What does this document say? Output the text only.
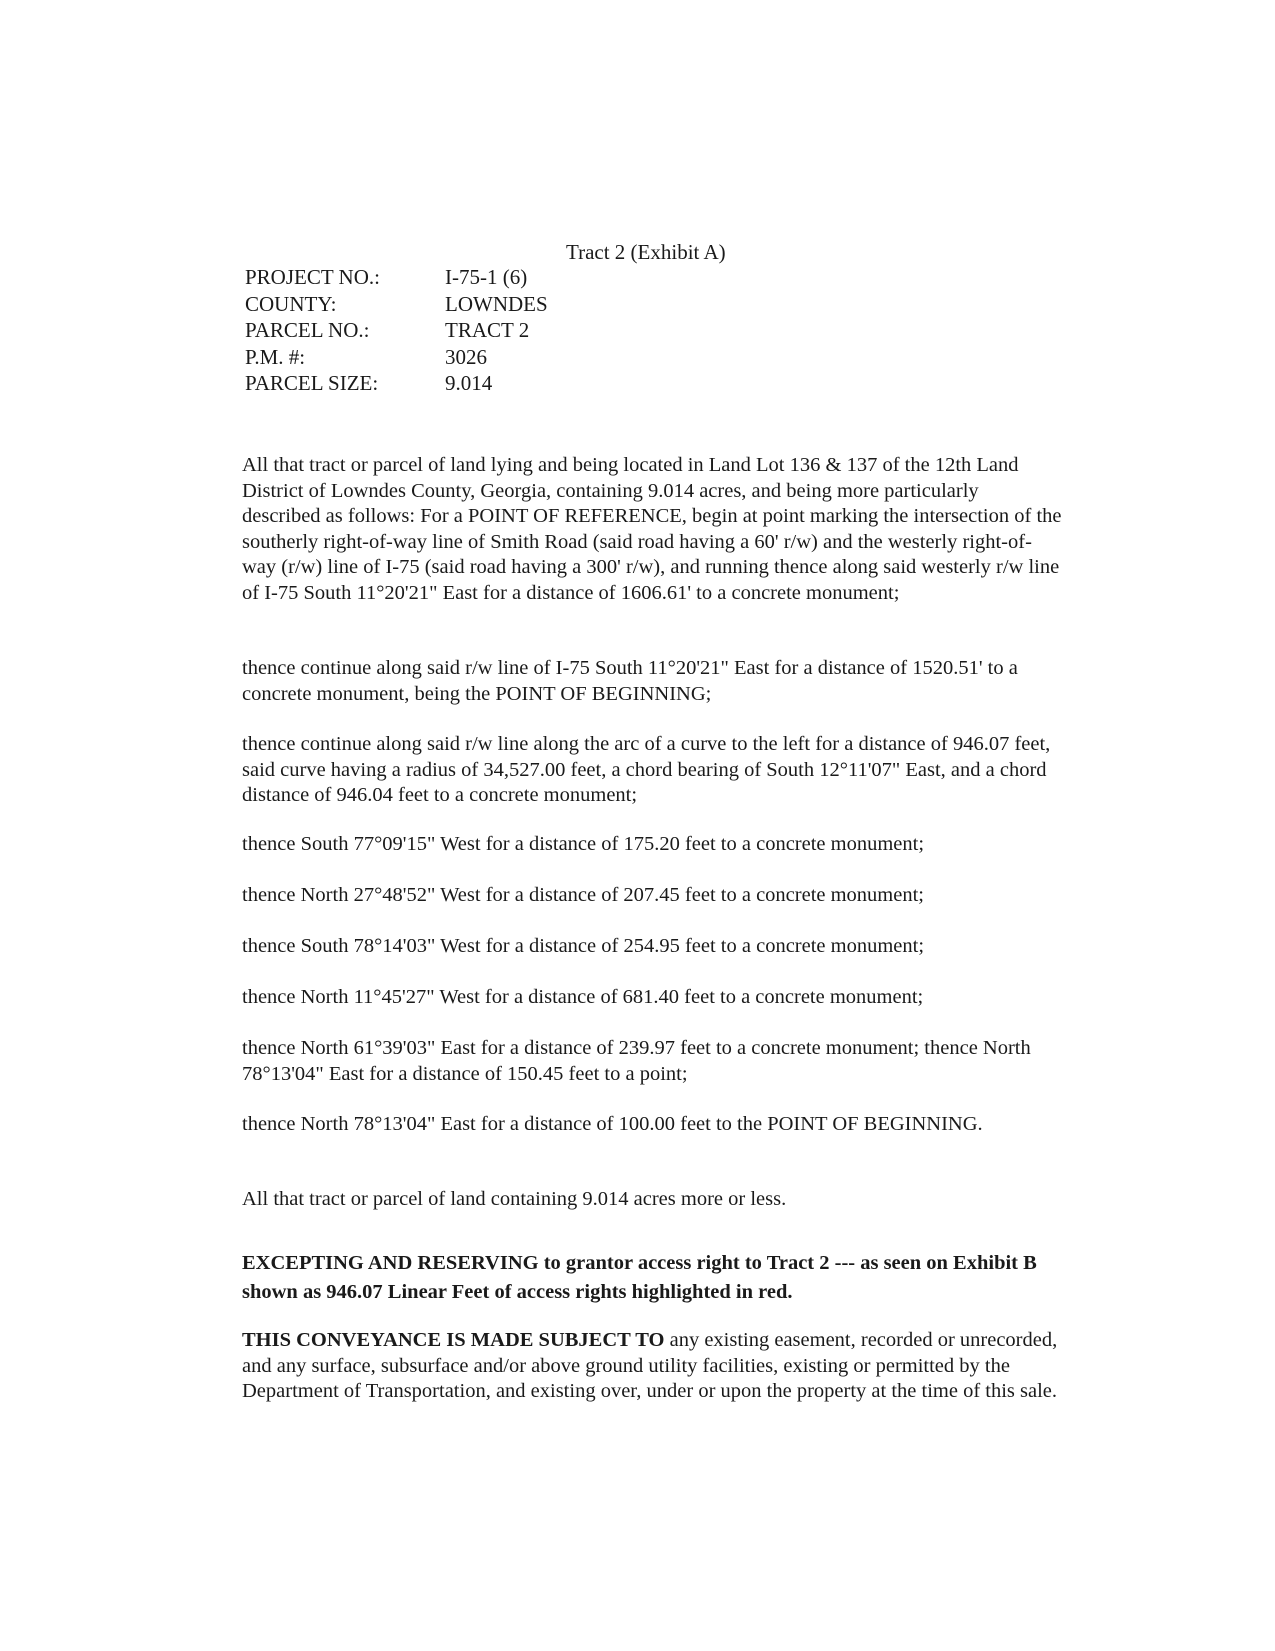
Tract 2 (Exhibit A)
PROJECT NO.:	I-75-1 (6)
COUNTY:	LOWNDES
PARCEL NO.:	TRACT 2
P.M. #:	3026
PARCEL SIZE:	9.014

All that tract or parcel of land lying and being located in Land Lot 136 & 137 of the 12th Land District of Lowndes County, Georgia, containing 9.014 acres, and being more particularly described as follows: For a POINT OF REFERENCE, begin at point marking the intersection of the southerly right-of-way line of Smith Road (said road having a 60' r/w) and the westerly right-of-way (r/w) line of I-75 (said road having a 300' r/w), and running thence along said westerly r/w line of I-75 South 11°20'21" East for a distance of 1606.61' to a concrete monument;

thence continue along said r/w line of I-75 South 11°20'21" East for a distance of 1520.51' to a concrete monument, being the POINT OF BEGINNING;

thence continue along said r/w line along the arc of a curve to the left for a distance of 946.07 feet, said curve having a radius of 34,527.00 feet, a chord bearing of South 12°11'07" East, and a chord distance of 946.04 feet to a concrete monument;

thence South 77°09'15" West for a distance of 175.20 feet to a concrete monument;

thence North 27°48'52" West for a distance of 207.45 feet to a concrete monument;

thence South 78°14'03" West for a distance of 254.95 feet to a concrete monument;

thence North 11°45'27" West for a distance of 681.40 feet to a concrete monument;

thence North 61°39'03" East for a distance of 239.97 feet to a concrete monument; thence North 78°13'04" East for a distance of 150.45 feet to a point;

thence North 78°13'04" East for a distance of 100.00 feet to the POINT OF BEGINNING.

All that tract or parcel of land containing 9.014 acres more or less.

EXCEPTING AND RESERVING to grantor access right to Tract 2 --- as seen on Exhibit B shown as 946.07 Linear Feet of access rights highlighted in red.

THIS CONVEYANCE IS MADE SUBJECT TO any existing easement, recorded or unrecorded, and any surface, subsurface and/or above ground utility facilities, existing or permitted by the Department of Transportation, and existing over, under or upon the property at the time of this sale.
